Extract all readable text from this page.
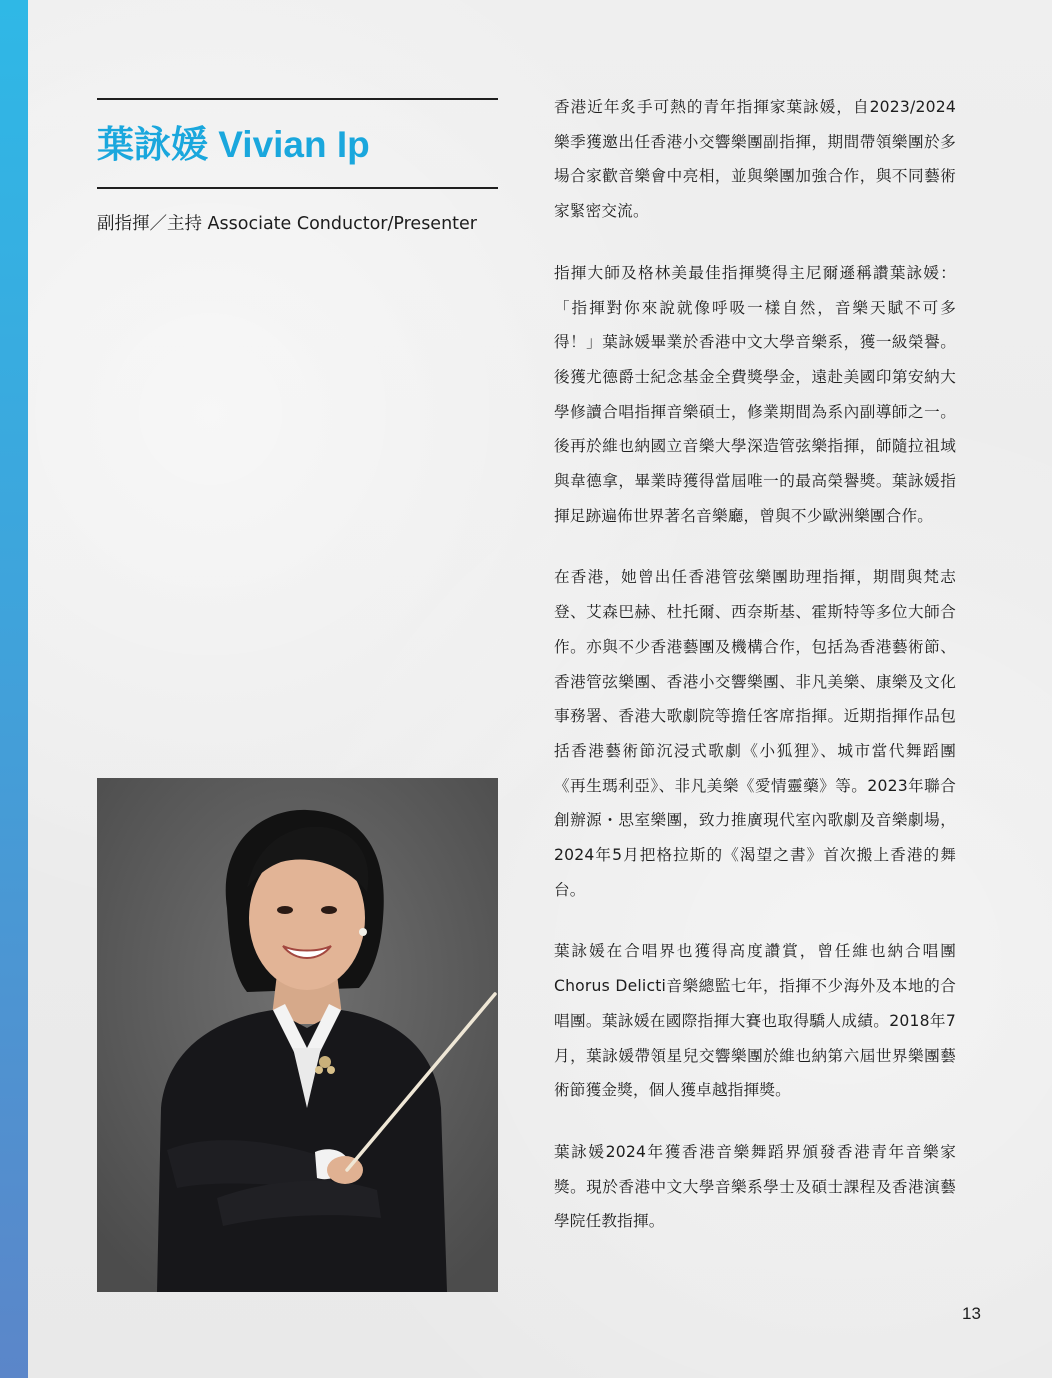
葉詠媛 Vivian Ip

副指揮／主持 Associate Conductor/Presenter

香港近年炙手可熱的青年指揮家葉詠媛，自2023/2024樂季獲邀出任香港小交響樂團副指揮，期間帶領樂團於多場合家歡音樂會中亮相，並與樂團加強合作，與不同藝術家緊密交流。

指揮大師及格林美最佳指揮獎得主尼爾遜稱讚葉詠媛：「指揮對你來說就像呼吸一樣自然，音樂天賦不可多得！」葉詠媛畢業於香港中文大學音樂系，獲一級榮譽。後獲尤德爵士紀念基金全費獎學金，遠赴美國印第安納大學修讀合唱指揮音樂碩士，修業期間為系內副導師之一。後再於維也納國立音樂大學深造管弦樂指揮，師隨拉祖域與韋德拿，畢業時獲得當屆唯一的最高榮譽獎。葉詠媛指揮足跡遍佈世界著名音樂廳，曾與不少歐洲樂團合作。

在香港，她曾出任香港管弦樂團助理指揮，期間與梵志登、艾森巴赫、杜托爾、西奈斯基、霍斯特等多位大師合作。亦與不少香港藝團及機構合作，包括為香港藝術節、香港管弦樂團、香港小交響樂團、非凡美樂、康樂及文化事務署、香港大歌劇院等擔任客席指揮。近期指揮作品包括香港藝術節沉浸式歌劇《小狐狸》、城市當代舞蹈團《再生瑪利亞》、非凡美樂《愛情靈藥》等。2023年聯合創辦源・思室樂團，致力推廣現代室內歌劇及音樂劇場，2024年5月把格拉斯的《渴望之書》首次搬上香港的舞台。

葉詠媛在合唱界也獲得高度讚賞，曾任維也納合唱團Chorus Delicti音樂總監七年，指揮不少海外及本地的合唱團。葉詠媛在國際指揮大賽也取得驕人成績。2018年7月，葉詠媛帶領星兒交響樂團於維也納第六屆世界樂團藝術節獲金獎，個人獲卓越指揮獎。

葉詠媛2024年獲香港音樂舞蹈界頒發香港青年音樂家獎。現於香港中文大學音樂系學士及碩士課程及香港演藝學院任教指揮。

13
